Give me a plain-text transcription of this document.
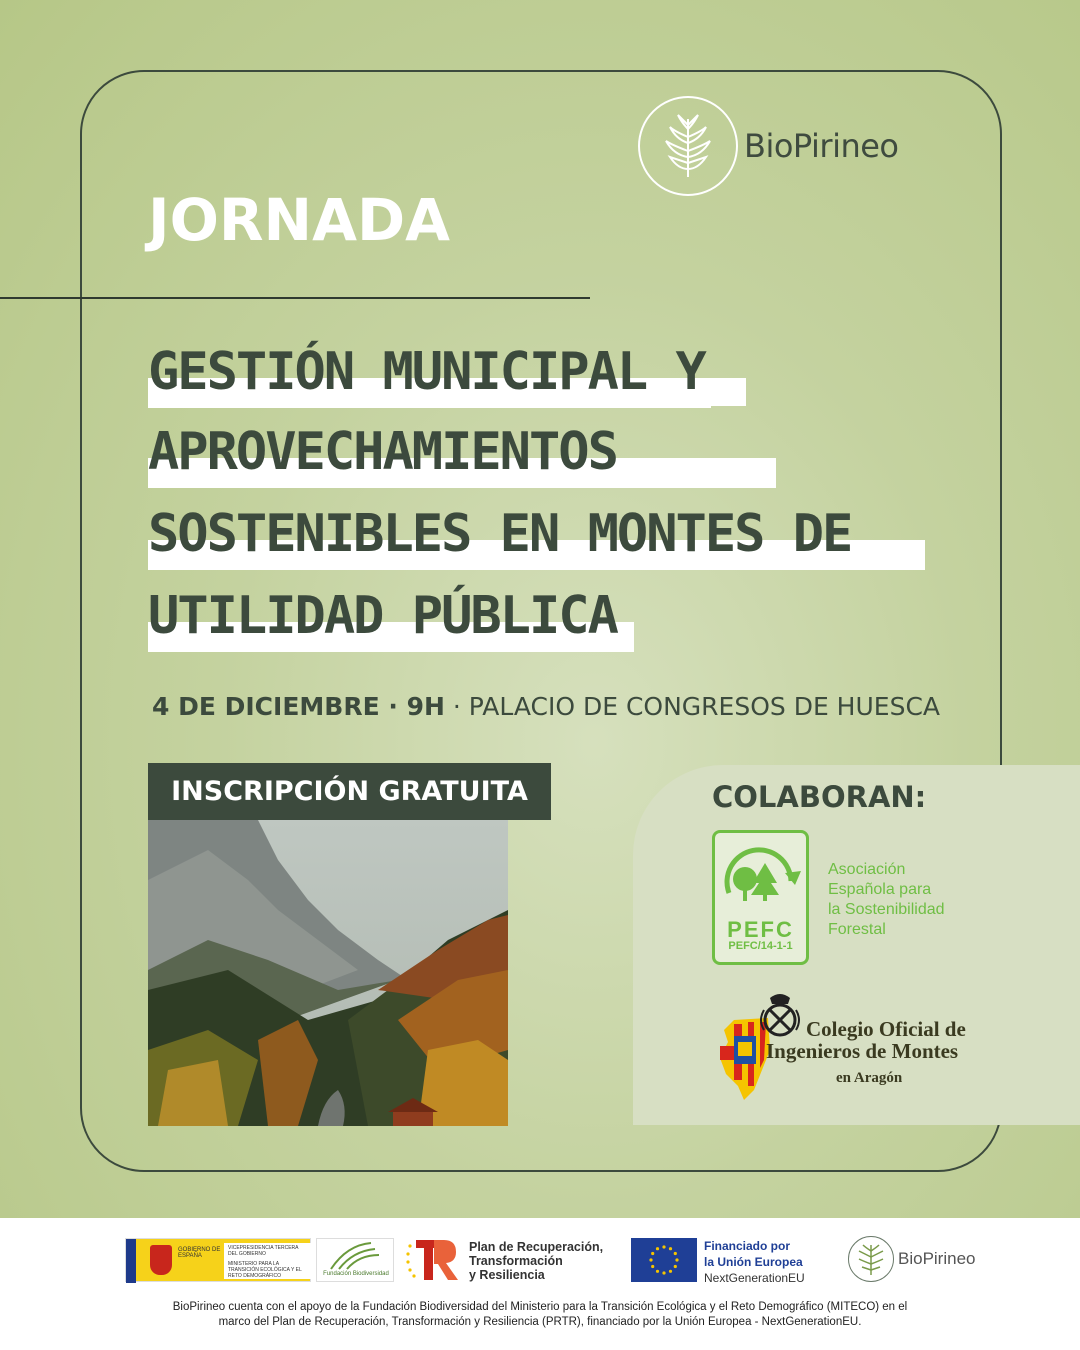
BioPirineo
JORNADA
GESTIÓN MUNICIPAL Y
APROVECHAMIENTOS
SOSTENIBLES EN MONTES DE
UTILIDAD PÚBLICA
4 DE DICIEMBRE · 9H · PALACIO DE CONGRESOS DE HUESCA
INSCRIPCIÓN GRATUITA	COLABORAN:
PEFC
PEFC/14-1-1
Asociación
Española para
la Sostenibilidad
Forestal
Colegio Oficial de
Ingenieros de Montes
en Aragón
GOBIERNO DE ESPAÑA
VICEPRESIDENCIA TERCERA DEL GOBIERNO
MINISTERIO PARA LA TRANSICIÓN ECOLÓGICA Y EL RETO DEMOGRÁFICO	Fundación Biodiversidad
Plan de Recuperación,
Transformación
y Resiliencia
Financiado por
la Unión Europea
NextGenerationEU
BioPirineo
BioPirineo cuenta con el apoyo de la Fundación Biodiversidad del Ministerio para la Transición Ecológica y el Reto Demográfico (MITECO) en el
marco del Plan de Recuperación, Transformación y Resiliencia (PRTR), financiado por la Unión Europea - NextGenerationEU.
